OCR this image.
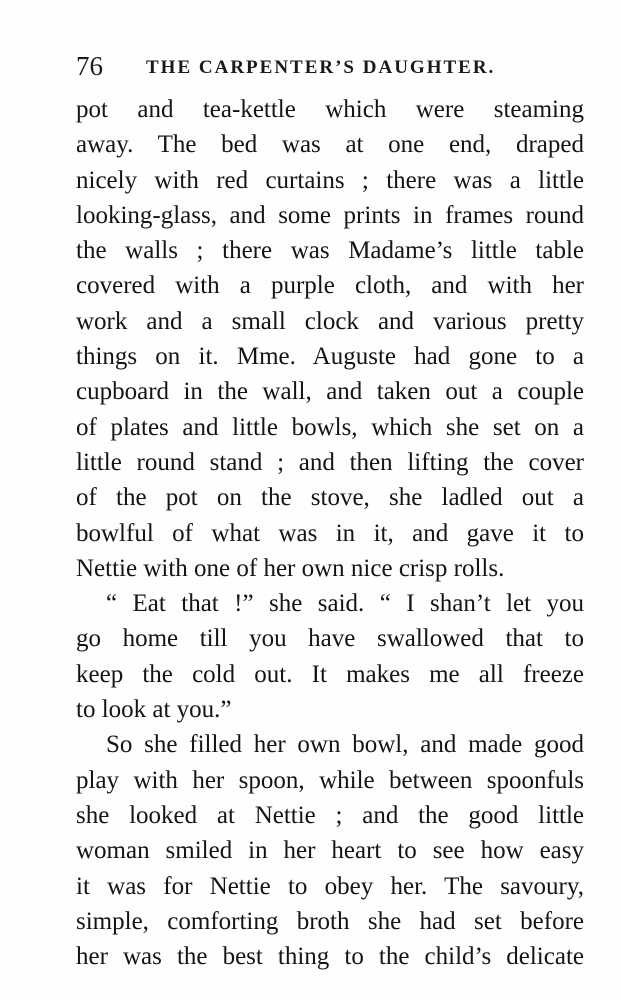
76 THE CARPENTER’S DAUGHTER.
pot and tea-kettle which were steaming
away. The bed was at one end, draped
nicely with red curtains ; there was a little
looking-glass, and some prints in frames round
the walls ; there was Madame’s little table
covered with a purple cloth, and with her
work and a small clock and various pretty
things on it. Mme. Auguste had gone to a
cupboard in the wall, and taken out a couple
of plates and little bowls, which she set on a
little round stand ; and then lifting the cover
of the pot on the stove, she ladled out a
bowlful of what was in it, and gave it to
Nettie with one of her own nice crisp rolls.
“ Eat that !” she said. “ I shan’t let you
go home till you have swallowed that to
keep the cold out. It makes me all freeze
to look at you.”
So she filled her own bowl, and made good
play with her spoon, while between spoonfuls
she looked at Nettie ; and the good little
woman smiled in her heart to see how easy
it was for Nettie to obey her. The savoury,
simple, comforting broth she had set before
her was the best thing to the child’s delicate
